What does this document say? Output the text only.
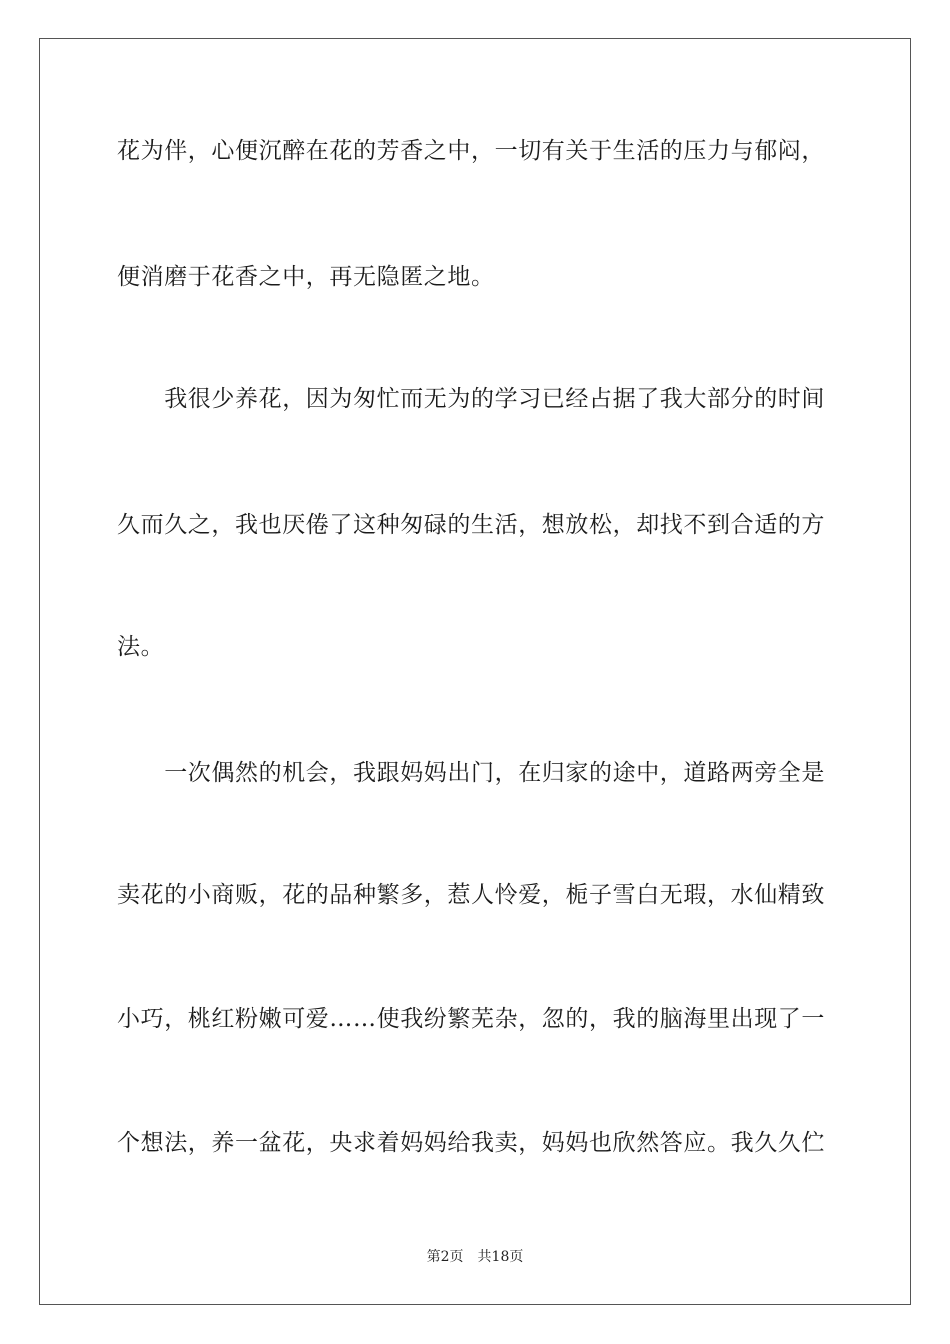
花为伴，心便沉醉在花的芳香之中，一切有关于生活的压力与郁闷，
便消磨于花香之中，再无隐匿之地。
　　我很少养花，因为匆忙而无为的学习已经占据了我大部分的时间
久而久之，我也厌倦了这种匆碌的生活，想放松，却找不到合适的方
法。
　　一次偶然的机会，我跟妈妈出门，在归家的途中，道路两旁全是
卖花的小商贩，花的品种繁多，惹人怜爱，栀子雪白无瑕，水仙精致
小巧，桃红粉嫩可爱……使我纷繁芜杂，忽的，我的脑海里出现了一
个想法，养一盆花，央求着妈妈给我卖，妈妈也欣然答应。我久久伫
第2页 共18页
